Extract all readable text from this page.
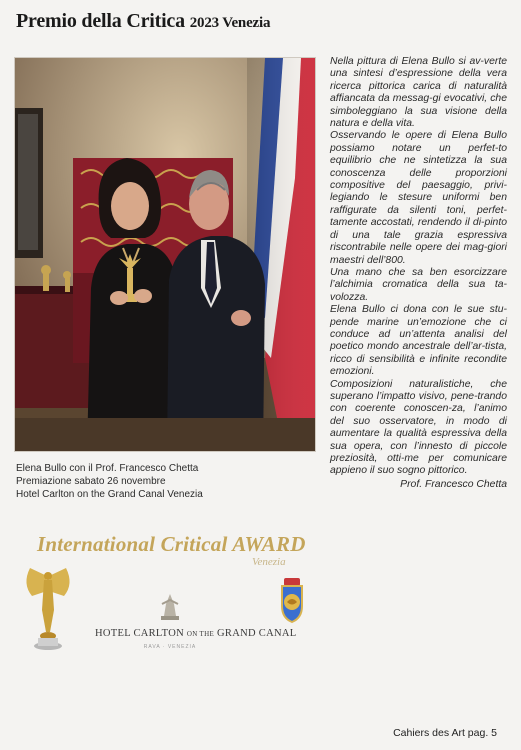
Premio della Critica 2023 Venezia
Elena Bullo con il Prof. Francesco Chetta
Premiazione sabato 26 novembre
Hotel Carlton on the Grand Canal Venezia

Nella pittura di Elena Bullo si av-verte una sintesi d’espressione della vera ricerca pittorica carica di naturalità affiancata da messag-gi evocativi, che simboleggiano la sua visione della natura e della vita.

Osservando le opere di Elena Bullo possiamo notare un perfet-to equilibrio che ne sintetizza la sua conoscenza delle proporzioni compositive del paesaggio, privi-legiando le stesure uniformi ben raffigurate da silenti toni, perfet-tamente accostati, rendendo il di-pinto di una tale grazia espressiva riscontrabile nelle opere dei mag-giori maestri dell’800.

Una mano che sa ben esorcizzare l’alchimia cromatica della sua ta-volozza.

Elena Bullo ci dona con le sue stu-pende marine un’emozione che ci conduce ad un’attenta analisi del poetico mondo ancestrale dell’ar-tista, ricco di sensibilità e infinite recondite emozioni.

Composizioni naturalistiche, che superano l’impatto visivo, pene-trando con coerente conoscen-za, l’animo del suo osservatore, in modo di aumentare la qualità espressiva della sua opera, con l’innesto di piccole preziosità, otti-me per comunicare appieno il suo sogno pittorico.

Prof. Francesco Chetta

International Critical AWARD
Venezia
HOTEL CARLTON ON THE GRAND CANAL
RAVA · VENEZIA
Cahiers des Art pag. 5
